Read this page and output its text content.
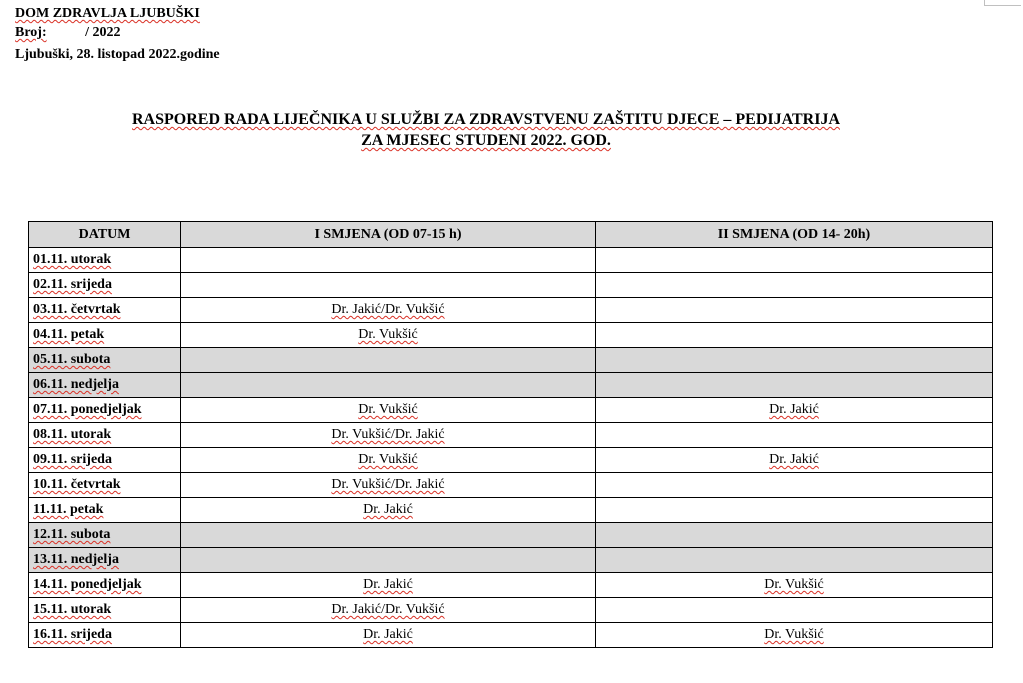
DOM ZDRAVLJA LJUBUŠKI
Broj:	/ 2022
Ljubuški, 28. listopad 2022.godine
RASPORED RADA LIJEČNIKA U SLUŽBI ZA ZDRAVSTVENU ZAŠTITU DJECE – PEDIJATRIJA
ZA MJESEC STUDENI 2022. GOD.
DATUM	I SMJENA (OD 07-15 h)	II SMJENA (OD 14- 20h)
01.11. utorak		
02.11. srijeda		
03.11. četvrtak	Dr. Jakić/Dr. Vukšić	
04.11. petak	Dr. Vukšić	
05.11. subota		
06.11. nedjelja		
07.11. ponedjeljak	Dr. Vukšić	Dr. Jakić
08.11. utorak	Dr. Vukšić/Dr. Jakić	
09.11. srijeda	Dr. Vukšić	Dr. Jakić
10.11. četvrtak	Dr. Vukšić/Dr. Jakić	
11.11. petak	Dr. Jakić	
12.11. subota		
13.11. nedjelja		
14.11. ponedjeljak	Dr. Jakić	Dr. Vukšić
15.11. utorak	Dr. Jakić/Dr. Vukšić	
16.11. srijeda	Dr. Jakić	Dr. Vukšić
